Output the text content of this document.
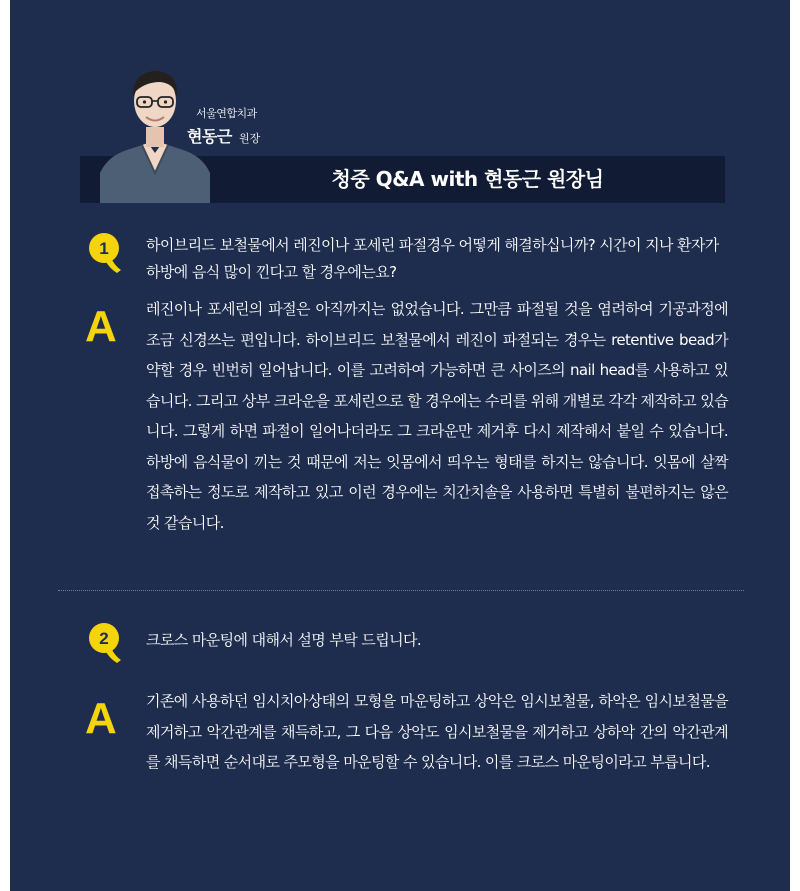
청중 Q&A with 현동근 원장님
서울연합치과
현동근 원장
1 하이브리드 보철물에서 레진이나 포세린 파절경우 어떻게 해결하십니까? 시간이 지나 환자가 하방에 음식 많이 낀다고 할 경우에는요?
A 레진이나 포세린의 파절은 아직까지는 없었습니다. 그만큼 파절될 것을 염려하여 기공과정에 조금 신경쓰는 편입니다. 하이브리드 보철물에서 레진이 파절되는 경우는 retentive bead가 약할 경우 빈번히 일어납니다. 이를 고려하여 가능하면 큰 사이즈의 nail head를 사용하고 있습니다. 그리고 상부 크라운을 포세린으로 할 경우에는 수리를 위해 개별로 각각 제작하고 있습니다. 그렇게 하면 파절이 일어나더라도 그 크라운만 제거후 다시 제작해서 붙일 수 있습니다. 하방에 음식물이 끼는 것 때문에 저는 잇몸에서 띄우는 형태를 하지는 않습니다. 잇몸에 살짝 접촉하는 정도로 제작하고 있고 이런 경우에는 치간치솔을 사용하면 특별히 불편하지는 않은 것 같습니다.
2 크로스 마운팅에 대해서 설명 부탁 드립니다.
A 기존에 사용하던 임시치아상태의 모형을 마운팅하고 상악은 임시보철물, 하악은 임시보철물을 제거하고 악간관계를 채득하고, 그 다음 상악도 임시보철물을 제거하고 상하악 간의 악간관계를 채득하면 순서대로 주모형을 마운팅할 수 있습니다. 이를 크로스 마운팅이라고 부릅니다.
